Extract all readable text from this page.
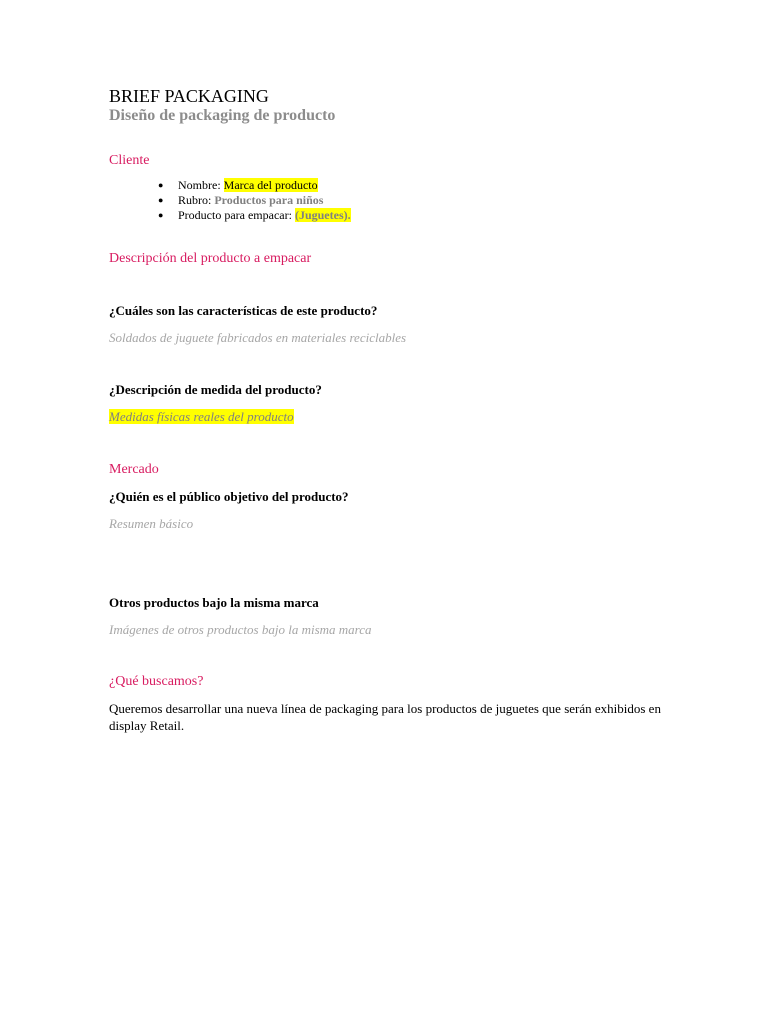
BRIEF PACKAGING
Diseño de packaging de producto
Cliente
● Nombre: Marca del producto
● Rubro: Productos para niños
● Producto para empacar: (Juguetes).
Descripción del producto a empacar
¿Cuáles son las características de este producto?
Soldados de juguete fabricados en materiales reciclables
¿Descripción de medida del producto?
Medidas físicas reales del producto
Mercado
¿Quién es el público objetivo del producto?
Resumen básico
Otros productos bajo la misma marca
Imágenes de otros productos bajo la misma marca
¿Qué buscamos?
Queremos desarrollar una nueva línea de packaging para los productos de juguetes que serán exhibidos en display Retail.
